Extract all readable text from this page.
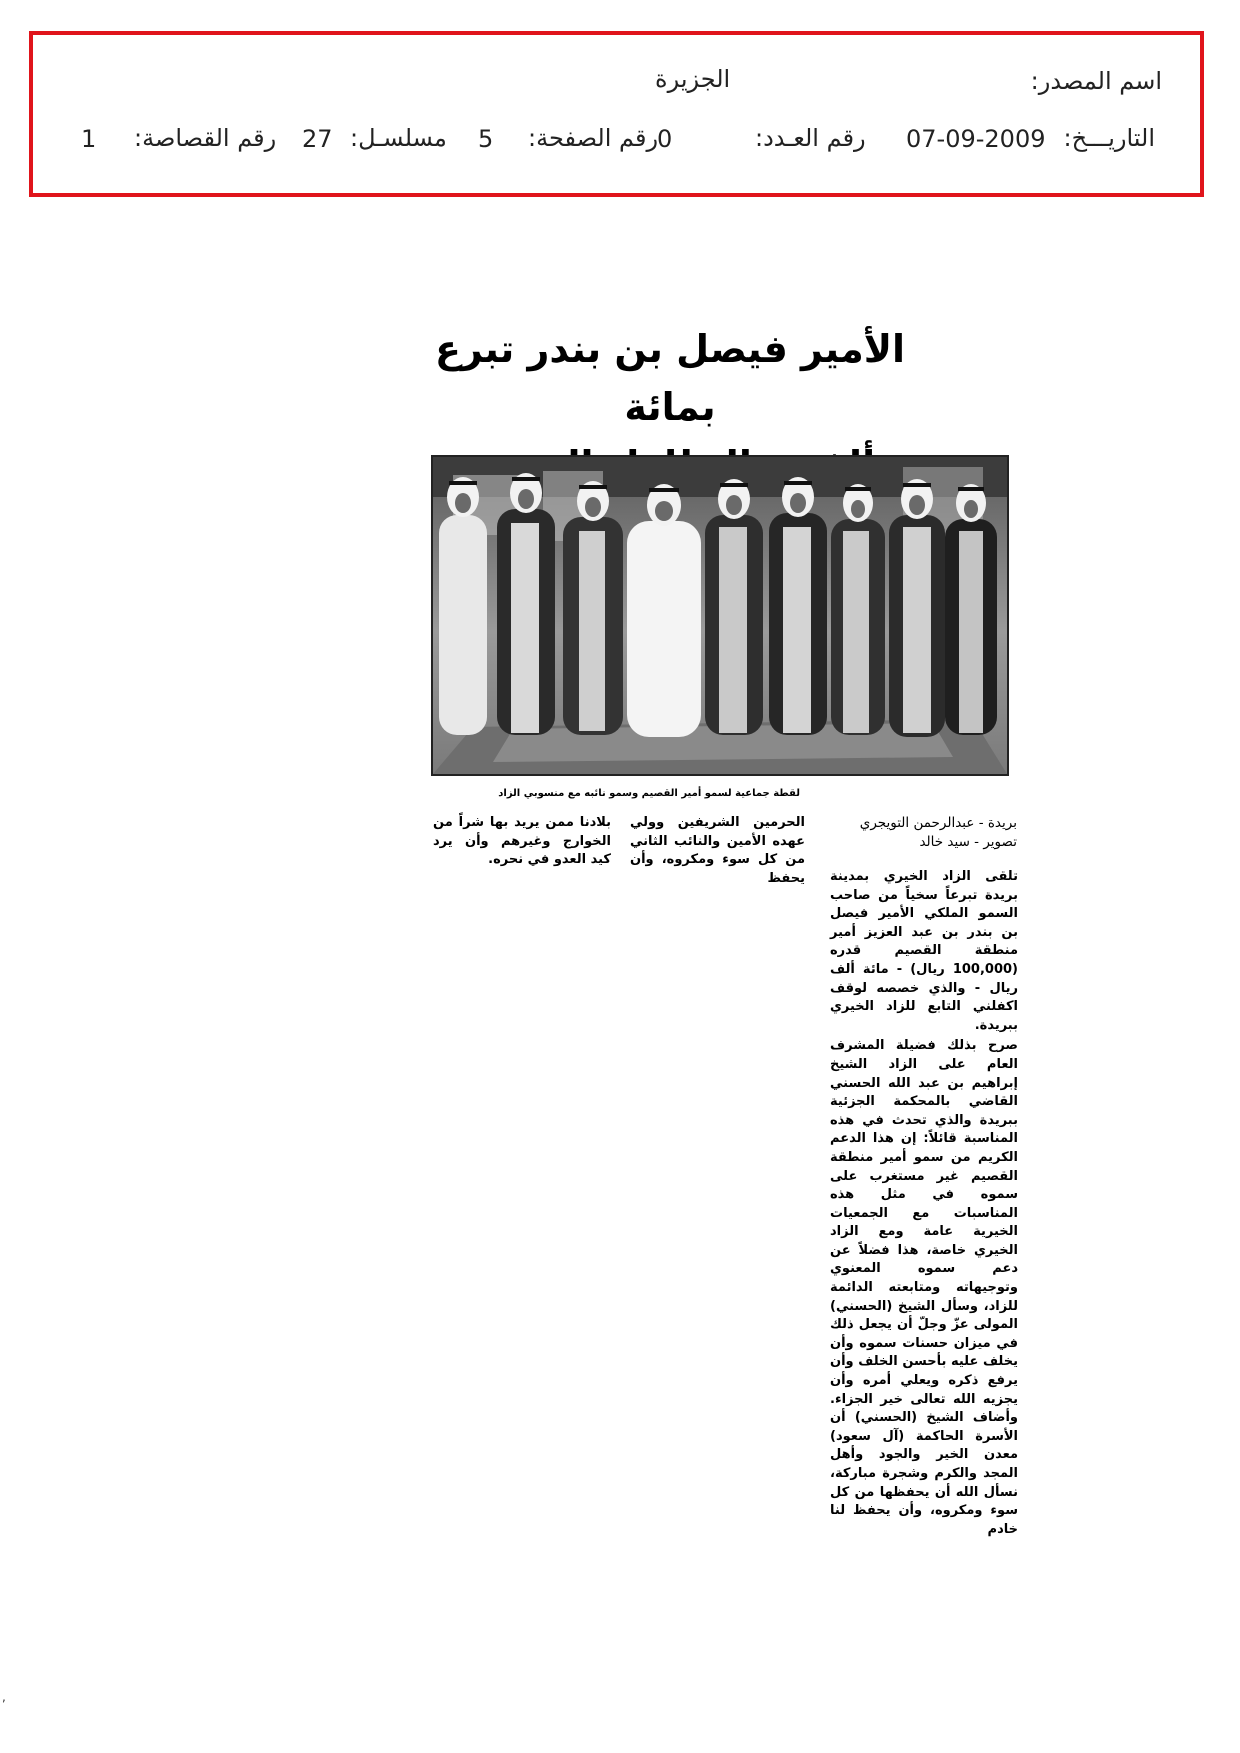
اسم المصدر:
الجزيرة
التاريـــخ:
07-09-2009
رقم العـدد:
0
رقم الصفحة:
5
مسلسـل:
27
رقم القصاصة:
1
الأمير فيصل بن بندر تبرع بمائة
لقطة جماعية لسمو أمير القصيم وسمو نائبه مع منسوبي الزاد
بريدة - عبدالرحمن التويجري
تصوير - سيد خالد

تلقى الزاد الخيري بمدينة بريدة تبرعاً سخياً من صاحب السمو الملكي الأمير فيصل بن بندر بن عبد العزيز أمير منطقة القصيم قدره (100,000 ريال) - مائة ألف ريال - والذي خصصه لوقف اكفلني التابع للزاد الخيري ببريدة.

صرح بذلك فضيلة المشرف العام على الزاد الشيخ إبراهيم بن عبد الله الحسني القاضي بالمحكمة الجزئية ببريدة والذي تحدث في هذه المناسبة قائلاً: إن هذا الدعم الكريم من سمو أمير منطقة القصيم غير مستغرب على سموه في مثل هذه المناسبات مع الجمعيات الخيرية عامة ومع الزاد الخيري خاصة، هذا فضلاً عن دعم سموه المعنوي وتوجيهاته ومتابعته الدائمة للزاد، وسأل الشيخ (الحسني) المولى عزّ وجلّ أن يجعل ذلك في ميزان حسنات سموه وأن يخلف عليه بأحسن الخلف وأن يرفع ذكره ويعلي أمره وأن يجزيه الله تعالى خير الجزاء. وأضاف الشيخ (الحسني) أن الأسرة الحاكمة (آل سعود) معدن الخير والجود وأهل المجد والكرم وشجرة مباركة، نسأل الله أن يحفظها من كل سوء ومكروه، وأن يحفظ لنا خادم

الحرمين الشريفين وولي عهده الأمين والنائب الثاني من كل سوء ومكروه، وأن يحفظ

بلادنا ممن يريد بها شراً من الخوارج وغيرهم وأن يرد كيد العدو في نحره.

,
